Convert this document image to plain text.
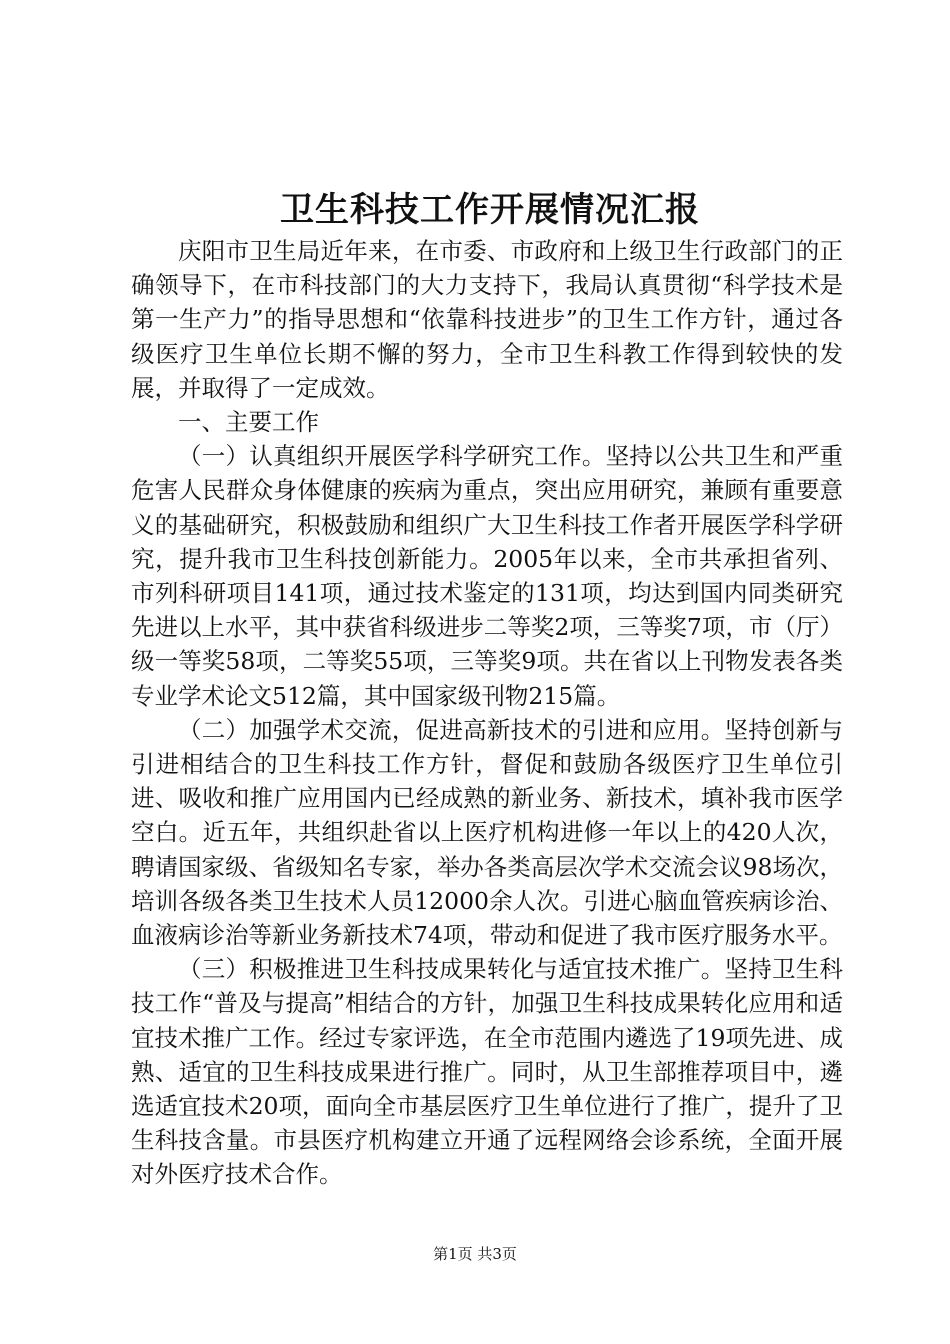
卫生科技工作开展情况汇报

庆阳市卫生局近年来，在市委、市政府和上级卫生行政部门的正确领导下，在市科技部门的大力支持下，我局认真贯彻“科学技术是第一生产力”的指导思想和“依靠科技进步”的卫生工作方针，通过各级医疗卫生单位长期不懈的努力，全市卫生科教工作得到较快的发展，并取得了一定成效。

一、主要工作

（一）认真组织开展医学科学研究工作。坚持以公共卫生和严重危害人民群众身体健康的疾病为重点，突出应用研究，兼顾有重要意义的基础研究，积极鼓励和组织广大卫生科技工作者开展医学科学研究，提升我市卫生科技创新能力。2005年以来，全市共承担省列、市列科研项目141项，通过技术鉴定的131项，均达到国内同类研究先进以上水平，其中获省科级进步二等奖2项，三等奖7项，市（厅）级一等奖58项，二等奖55项，三等奖9项。共在省以上刊物发表各类专业学术论文512篇，其中国家级刊物215篇。

（二）加强学术交流，促进高新技术的引进和应用。坚持创新与引进相结合的卫生科技工作方针，督促和鼓励各级医疗卫生单位引进、吸收和推广应用国内已经成熟的新业务、新技术，填补我市医学空白。近五年，共组织赴省以上医疗机构进修一年以上的420人次，聘请国家级、省级知名专家，举办各类高层次学术交流会议98场次，培训各级各类卫生技术人员12000余人次。引进心脑血管疾病诊治、血液病诊治等新业务新技术74项，带动和促进了我市医疗服务水平。

（三）积极推进卫生科技成果转化与适宜技术推广。坚持卫生科技工作“普及与提高”相结合的方针，加强卫生科技成果转化应用和适宜技术推广工作。经过专家评选，在全市范围内遴选了19项先进、成熟、适宜的卫生科技成果进行推广。同时，从卫生部推荐项目中，遴选适宜技术20项，面向全市基层医疗卫生单位进行了推广，提升了卫生科技含量。市县医疗机构建立开通了远程网络会诊系统，全面开展对外医疗技术合作。

第1页 共3页
